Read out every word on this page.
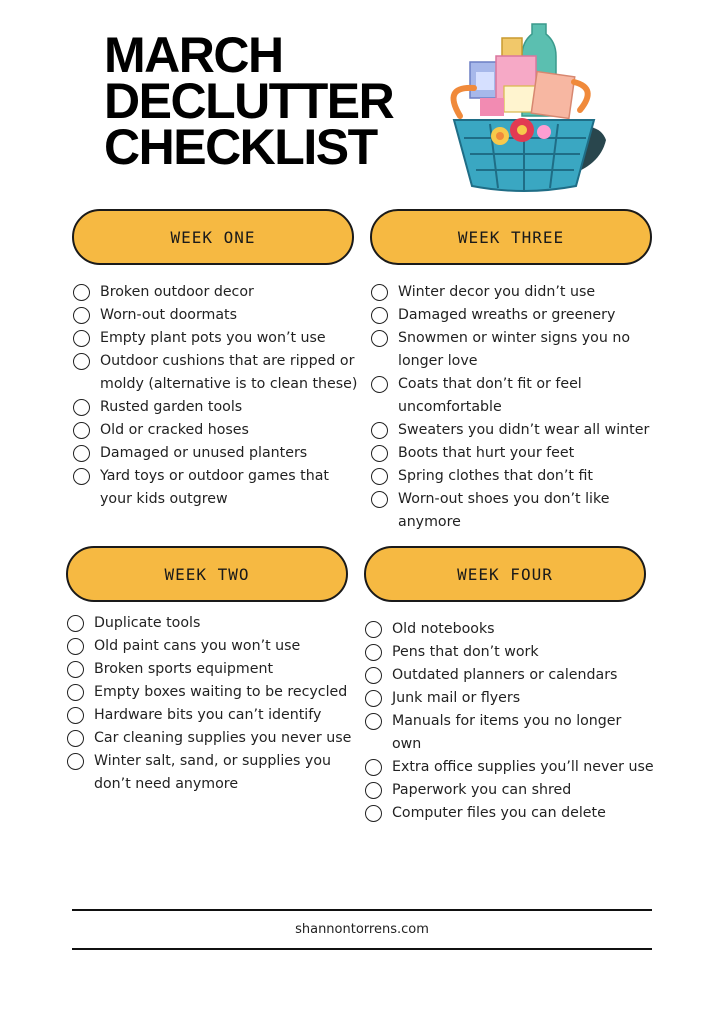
MARCH
DECLUTTER
CHECKLIST
WEEK ONE
Broken outdoor decor
Worn-out doormats
Empty plant pots you won’t use
Outdoor cushions that are ripped or moldy (alternative is to clean these)
Rusted garden tools
Old or cracked hoses
Damaged or unused planters
Yard toys or outdoor games that your kids outgrew
WEEK THREE
Winter decor you didn’t use
Damaged wreaths or greenery
Snowmen or winter signs you no longer love
Coats that don’t fit or feel uncomfortable
Sweaters you didn’t wear all winter
Boots that hurt your feet
Spring clothes that don’t fit
Worn-out shoes you don’t like anymore
WEEK TWO
Duplicate tools
Old paint cans you won’t use
Broken sports equipment
Empty boxes waiting to be recycled
Hardware bits you can’t identify
Car cleaning supplies you never use
Winter salt, sand, or supplies you don’t need anymore
WEEK FOUR
Old notebooks
Pens that don’t work
Outdated planners or calendars
Junk mail or flyers
Manuals for items you no longer own
Extra office supplies you’ll never use
Paperwork you can shred
Computer files you can delete
shannontorrens.com
